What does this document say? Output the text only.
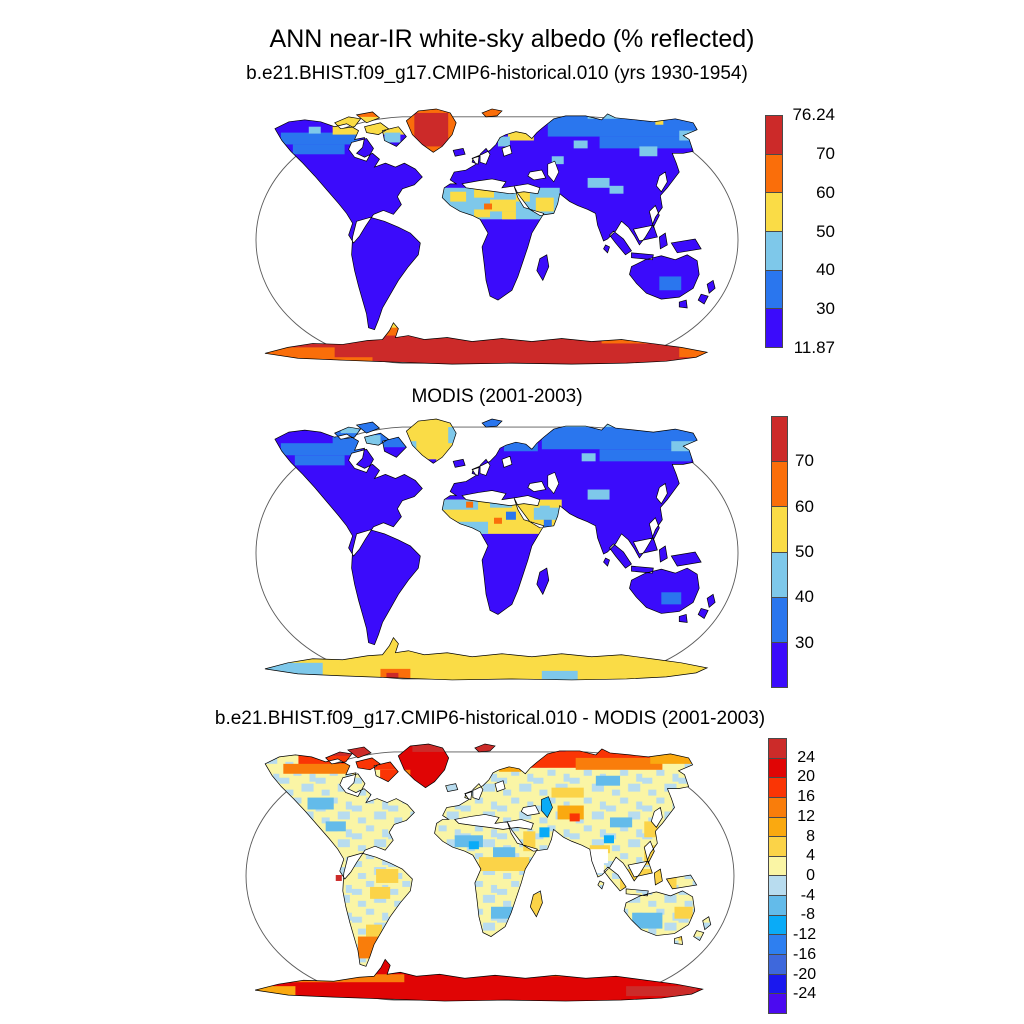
ANN near-IR white-sky albedo (% reflected)
b.e21.BHIST.f09_g17.CMIP6-historical.010 (yrs 1930-1954)
76.24
70
60
50
40
30
11.87
MODIS (2001-2003)
70
60
50
40
30
b.e21.BHIST.f09_g17.CMIP6-historical.010 - MODIS (2001-2003)
24
20
16
12
8
4
0
-4
-8
-12
-16
-20
-24
